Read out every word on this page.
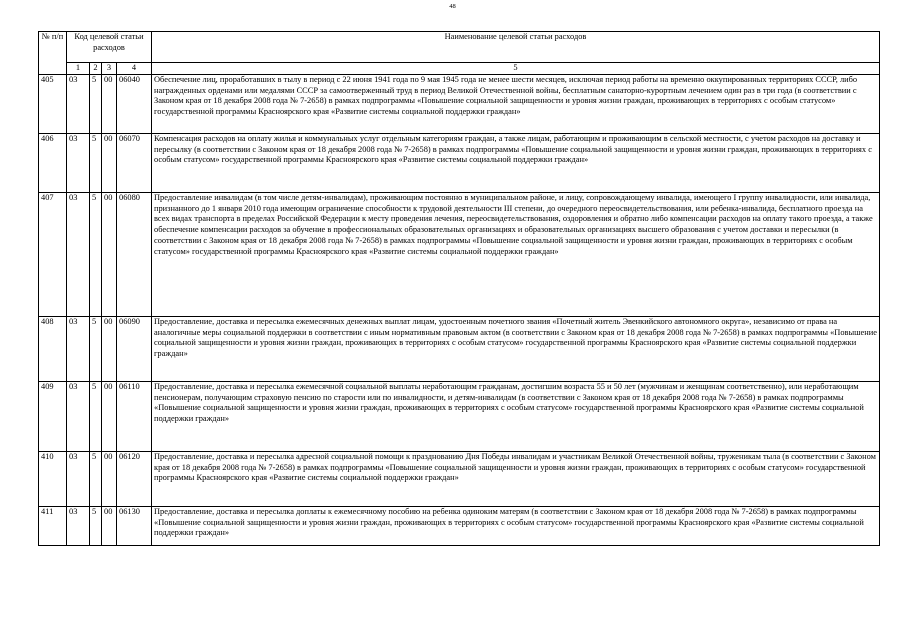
48
№ п/п	Код целевой статьи расходов				Наименование целевой статьи расходов
	1	2	3	4	5
405	03	5	00	06040	Обеспечение лиц, проработавших в тылу в период с 22 июня 1941 года по 9 мая 1945 года не менее шести месяцев, исключая период работы на временно оккупированных территориях СССР, либо награжденных орденами или медалями СССР за самоотверженный труд в период Великой Отечественной войны, бесплатным санаторно-курортным лечением один раз в три года (в соответствии с Законом края от 18 декабря 2008 года № 7-2658) в рамках подпрограммы «Повышение социальной защищенности и уровня жизни граждан, проживающих в территориях с особым статусом» государственной программы Красноярского края «Развитие системы социальной поддержки граждан»
406	03	5	00	06070	Компенсация расходов на оплату жилья и коммунальных услуг отдельным категориям граждан, а также лицам, работающим и проживающим в сельской местности, с учетом расходов на доставку и пересылку (в соответствии с Законом края от 18 декабря 2008 года № 7-2658) в рамках подпрограммы «Повышение социальной защищенности и уровня жизни граждан, проживающих в территориях с особым статусом» государственной программы Красноярского края «Развитие системы социальной поддержки граждан»
407	03	5	00	06080	Предоставление инвалидам (в том числе детям-инвалидам), проживающим постоянно в муниципальном районе, и лицу, сопровождающему инвалида, имеющего I группу инвалидности, или инвалида, признанного до 1 января 2010 года имеющим ограничение способности к трудовой деятельности III степени, до очередного переосвидетельствования, или ребенка-инвалида, бесплатного проезда на всех видах транспорта в пределах Российской Федерации к месту проведения лечения, переосвидетельствования, оздоровления и обратно либо компенсации расходов на оплату такого проезда, а также обеспечение компенсации расходов за обучение в профессиональных образовательных организациях и образовательных организациях высшего образования с учетом доставки и пересылки (в соответствии с Законом края от 18 декабря 2008 года № 7-2658) в рамках подпрограммы «Повышение социальной защищенности и уровня жизни граждан, проживающих в территориях с особым статусом» государственной программы Красноярского края «Развитие системы социальной поддержки граждан»
408	03	5	00	06090	Предоставление, доставка и пересылка ежемесячных денежных выплат лицам, удостоенным почетного звания «Почетный житель Эвенкийского автономного округа», независимо от права на аналогичные меры социальной поддержки в соответствии с иным нормативным правовым актом (в соответствии с Законом края от 18 декабря 2008 года № 7-2658) в рамках подпрограммы «Повышение социальной защищенности и уровня жизни граждан, проживающих в территориях с особым статусом» государственной программы Красноярского края «Развитие системы социальной поддержки граждан»
409	03	5	00	06110	Предоставление, доставка и пересылка ежемесячной социальной выплаты неработающим гражданам, достигшим возраста 55 и 50 лет (мужчинам и женщинам соответственно), или неработающим пенсионерам, получающим страховую пенсию по старости или по инвалидности, и детям-инвалидам (в соответствии с Законом края от 18 декабря 2008 года № 7-2658) в рамках подпрограммы «Повышение социальной защищенности и уровня жизни граждан, проживающих в территориях с особым статусом» государственной программы Красноярского края «Развитие системы социальной поддержки граждан»
410	03	5	00	06120	Предоставление, доставка и пересылка адресной социальной помощи к празднованию Дня Победы инвалидам и участникам Великой Отечественной войны, труженикам тыла (в соответствии с Законом края от 18 декабря 2008 года № 7-2658) в рамках подпрограммы «Повышение социальной защищенности и уровня жизни граждан, проживающих в территориях с особым статусом» государственной программы Красноярского края «Развитие системы социальной поддержки граждан»
411	03	5	00	06130	Предоставление, доставка и пересылка доплаты к ежемесячному пособию на ребенка одиноким матерям (в соответствии с Законом края от 18 декабря 2008 года № 7-2658) в рамках подпрограммы «Повышение социальной защищенности и уровня жизни граждан, проживающих в территориях с особым статусом» государственной программы Красноярского края «Развитие системы социальной поддержки граждан»
